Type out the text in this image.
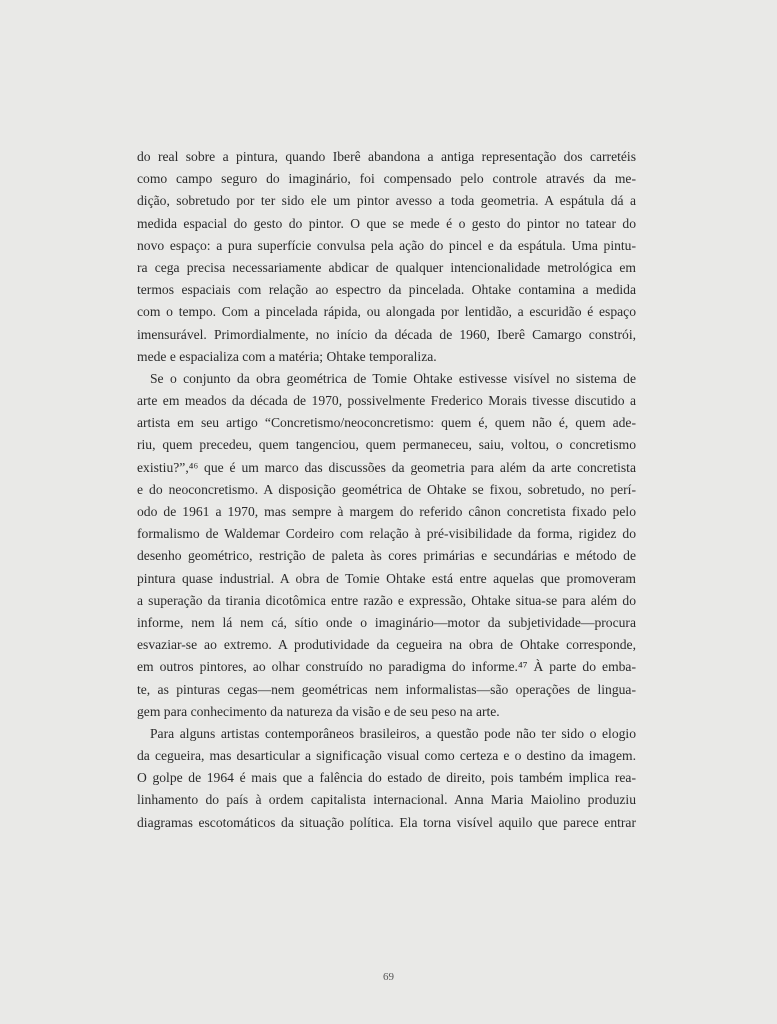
do real sobre a pintura, quando Iberê abandona a antiga representação dos carretéis
como campo seguro do imaginário, foi compensado pelo controle através da me-
dição, sobretudo por ter sido ele um pintor avesso a toda geometria. A espátula dá a
medida espacial do gesto do pintor. O que se mede é o gesto do pintor no tatear do
novo espaço: a pura superfície convulsa pela ação do pincel e da espátula. Uma pintu-
ra cega precisa necessariamente abdicar de qualquer intencionalidade metrológica em
termos espaciais com relação ao espectro da pincelada. Ohtake contamina a medida
com o tempo. Com a pincelada rápida, ou alongada por lentidão, a escuridão é espaço
imensurável. Primordialmente, no início da década de 1960, Iberê Camargo constrói,
mede e espacializa com a matéria; Ohtake temporaliza.
Se o conjunto da obra geométrica de Tomie Ohtake estivesse visível no sistema de
arte em meados da década de 1970, possivelmente Frederico Morais tivesse discutido a
artista em seu artigo “Concretismo/neoconcretismo: quem é, quem não é, quem ade-
riu, quem precedeu, quem tangenciou, quem permaneceu, saiu, voltou, o concretismo
existiu?”,⁴⁶ que é um marco das discussões da geometria para além da arte concretista
e do neoconcretismo. A disposição geométrica de Ohtake se fixou, sobretudo, no perí-
odo de 1961 a 1970, mas sempre à margem do referido cânon concretista fixado pelo
formalismo de Waldemar Cordeiro com relação à pré-visibilidade da forma, rigidez do
desenho geométrico, restrição de paleta às cores primárias e secundárias e método de
pintura quase industrial. A obra de Tomie Ohtake está entre aquelas que promoveram
a superação da tirania dicotômica entre razão e expressão, Ohtake situa-se para além do
informe, nem lá nem cá, sítio onde o imaginário—motor da subjetividade—procura
esvaziar-se ao extremo. A produtividade da cegueira na obra de Ohtake corresponde,
em outros pintores, ao olhar construído no paradigma do informe.⁴⁷ À parte do emba-
te, as pinturas cegas—nem geométricas nem informalistas—são operações de lingua-
gem para conhecimento da natureza da visão e de seu peso na arte.
Para alguns artistas contemporâneos brasileiros, a questão pode não ter sido o elogio
da cegueira, mas desarticular a significação visual como certeza e o destino da imagem.
O golpe de 1964 é mais que a falência do estado de direito, pois também implica rea-
linhamento do país à ordem capitalista internacional. Anna Maria Maiolino produziu
diagramas escotomáticos da situação política. Ela torna visível aquilo que parece entrar
69
